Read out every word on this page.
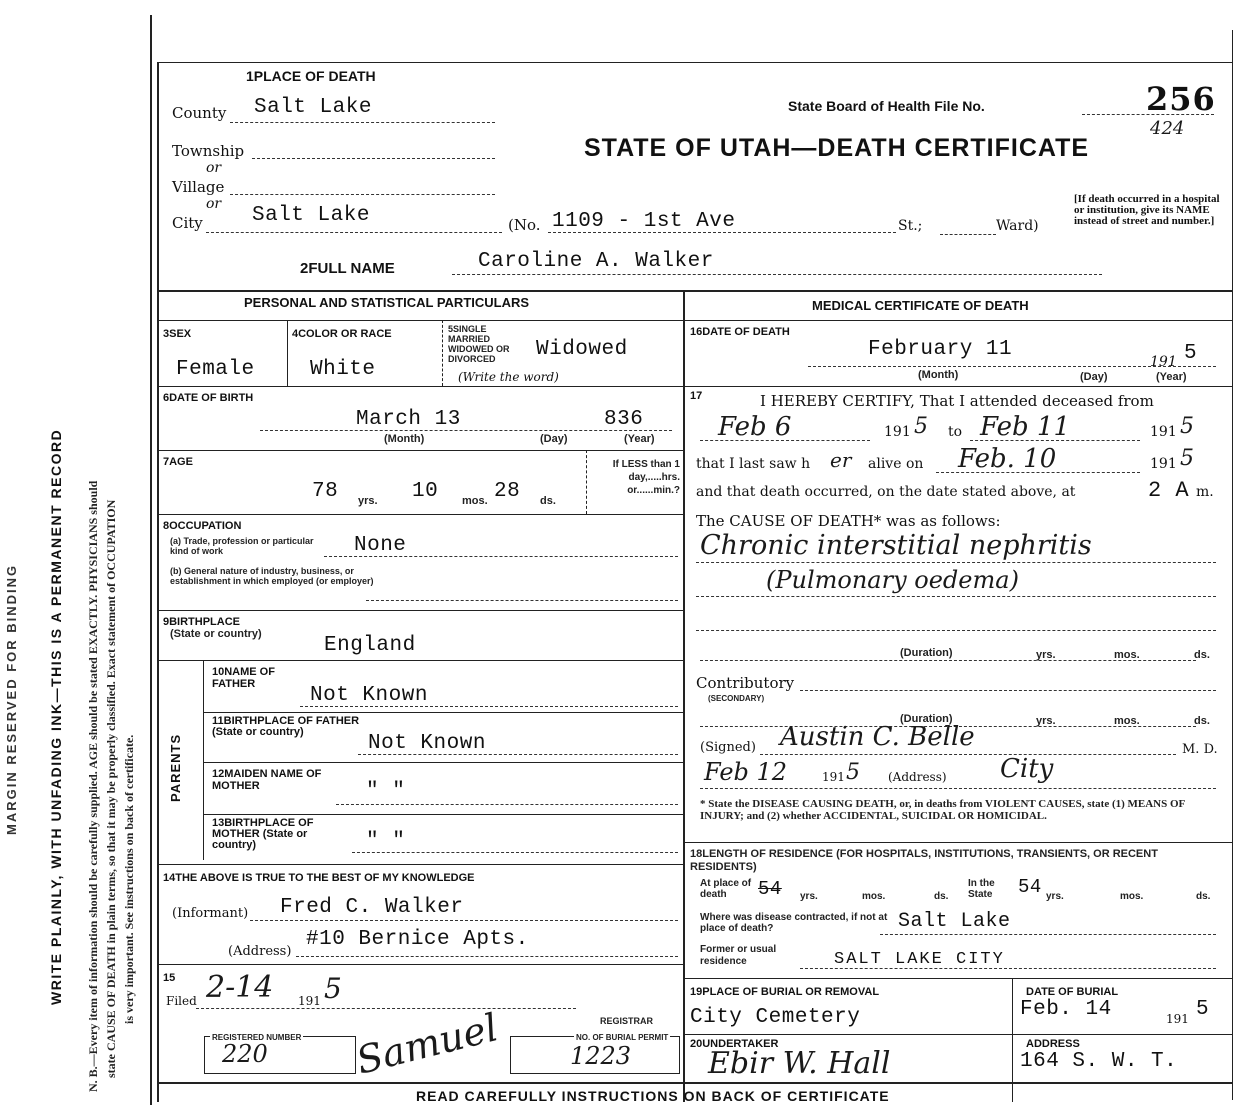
MARGIN RESERVED FOR BINDING WRITE PLAINLY, WITH UNFADING INK—THIS IS A PERMANENT RECORD N. B.—Every item of information should be carefully supplied. AGE should be stated EXACTLY. PHYSICIANS should state CAUSE OF DEATH in plain terms, so that it may be properly classified. Exact statement of OCCUPATION is very important. See instructions on back of certificate.
1PLACE OF DEATH
County Salt Lake
Township
or
Village
or
City Salt Lake	(No. 1109 - 1st Ave	St.;	Ward)
State Board of Health File No.	256
424
STATE OF UTAH—DEATH CERTIFICATE
[If death occurred in a hospital or institution, give its NAME instead of street and number.]
2FULL NAME	Caroline A. Walker
PERSONAL AND STATISTICAL PARTICULARS	MEDICAL CERTIFICATE OF DEATH
3SEX
Female
4COLOR OR RACE
White
5SINGLE MARRIED WIDOWED OR DIVORCED	Widowed
(Write the word)
6DATE OF BIRTH
March 13	836
(Month)	(Day)	(Year)
7AGE
78 yrs. 10 mos. 28 ds.
If LESS than 1 day,.....hrs. or......min.?
8OCCUPATION
(a) Trade, profession or particular kind of work	None
(b) General nature of industry, business, or establishment in which employed (or employer)
9BIRTHPLACE
(State or country)	England
PARENTS
10NAME OF FATHER	Not Known
11BIRTHPLACE OF FATHER (State or country)	Not Known
12MAIDEN NAME OF MOTHER	" "
13BIRTHPLACE OF MOTHER (State or country)	" "
14THE ABOVE IS TRUE TO THE BEST OF MY KNOWLEDGE
(Informant) Fred C. Walker
(Address)
#10 Bernice Apts.
15
Filed 2-14 191 5
REGISTRAR
REGISTERED NUMBER
220 Samuel	NO. OF BURIAL PERMIT
1223
16DATE OF DEATH
February 11
191 5
(Month)	(Day)	(Year)
17	I HEREBY CERTIFY, That I attended deceased from
Feb 6	191 5 to Feb 11	191 5
that I last saw h er alive on Feb. 10	191 5
and that death occurred, on the date stated above, at	2 A m.
The CAUSE OF DEATH* was as follows:
Chronic interstitial nephritis
(Pulmonary oedema)
(Duration)	yrs.	mos.	ds.
Contributory
(SECONDARY)
(Duration)	yrs.	mos.	ds.
(Signed) Austin C. Belle	M. D.
Feb 12	191 5 (Address) City
* State the DISEASE CAUSING DEATH, or, in deaths from VIOLENT CAUSES, state (1) MEANS OF INJURY; and (2) whether ACCIDENTAL, SUICIDAL OR HOMICIDAL.
18LENGTH OF RESIDENCE (FOR HOSPITALS, INSTITUTIONS, TRANSIENTS, OR RECENT RESIDENTS)
At place of death	54 yrs.	mos.	ds.
In the State	54 yrs.	mos.	ds.
Where was disease contracted, if not at place of death?	Salt Lake
Former or usual residence	SALT LAKE CITY
19PLACE OF BURIAL OR REMOVAL
City Cemetery
DATE OF BURIAL
Feb. 14	191 5
20UNDERTAKER
Ebir W. Hall
ADDRESS
164 S. W. T.
READ CAREFULLY INSTRUCTIONS ON BACK OF CERTIFICATE
